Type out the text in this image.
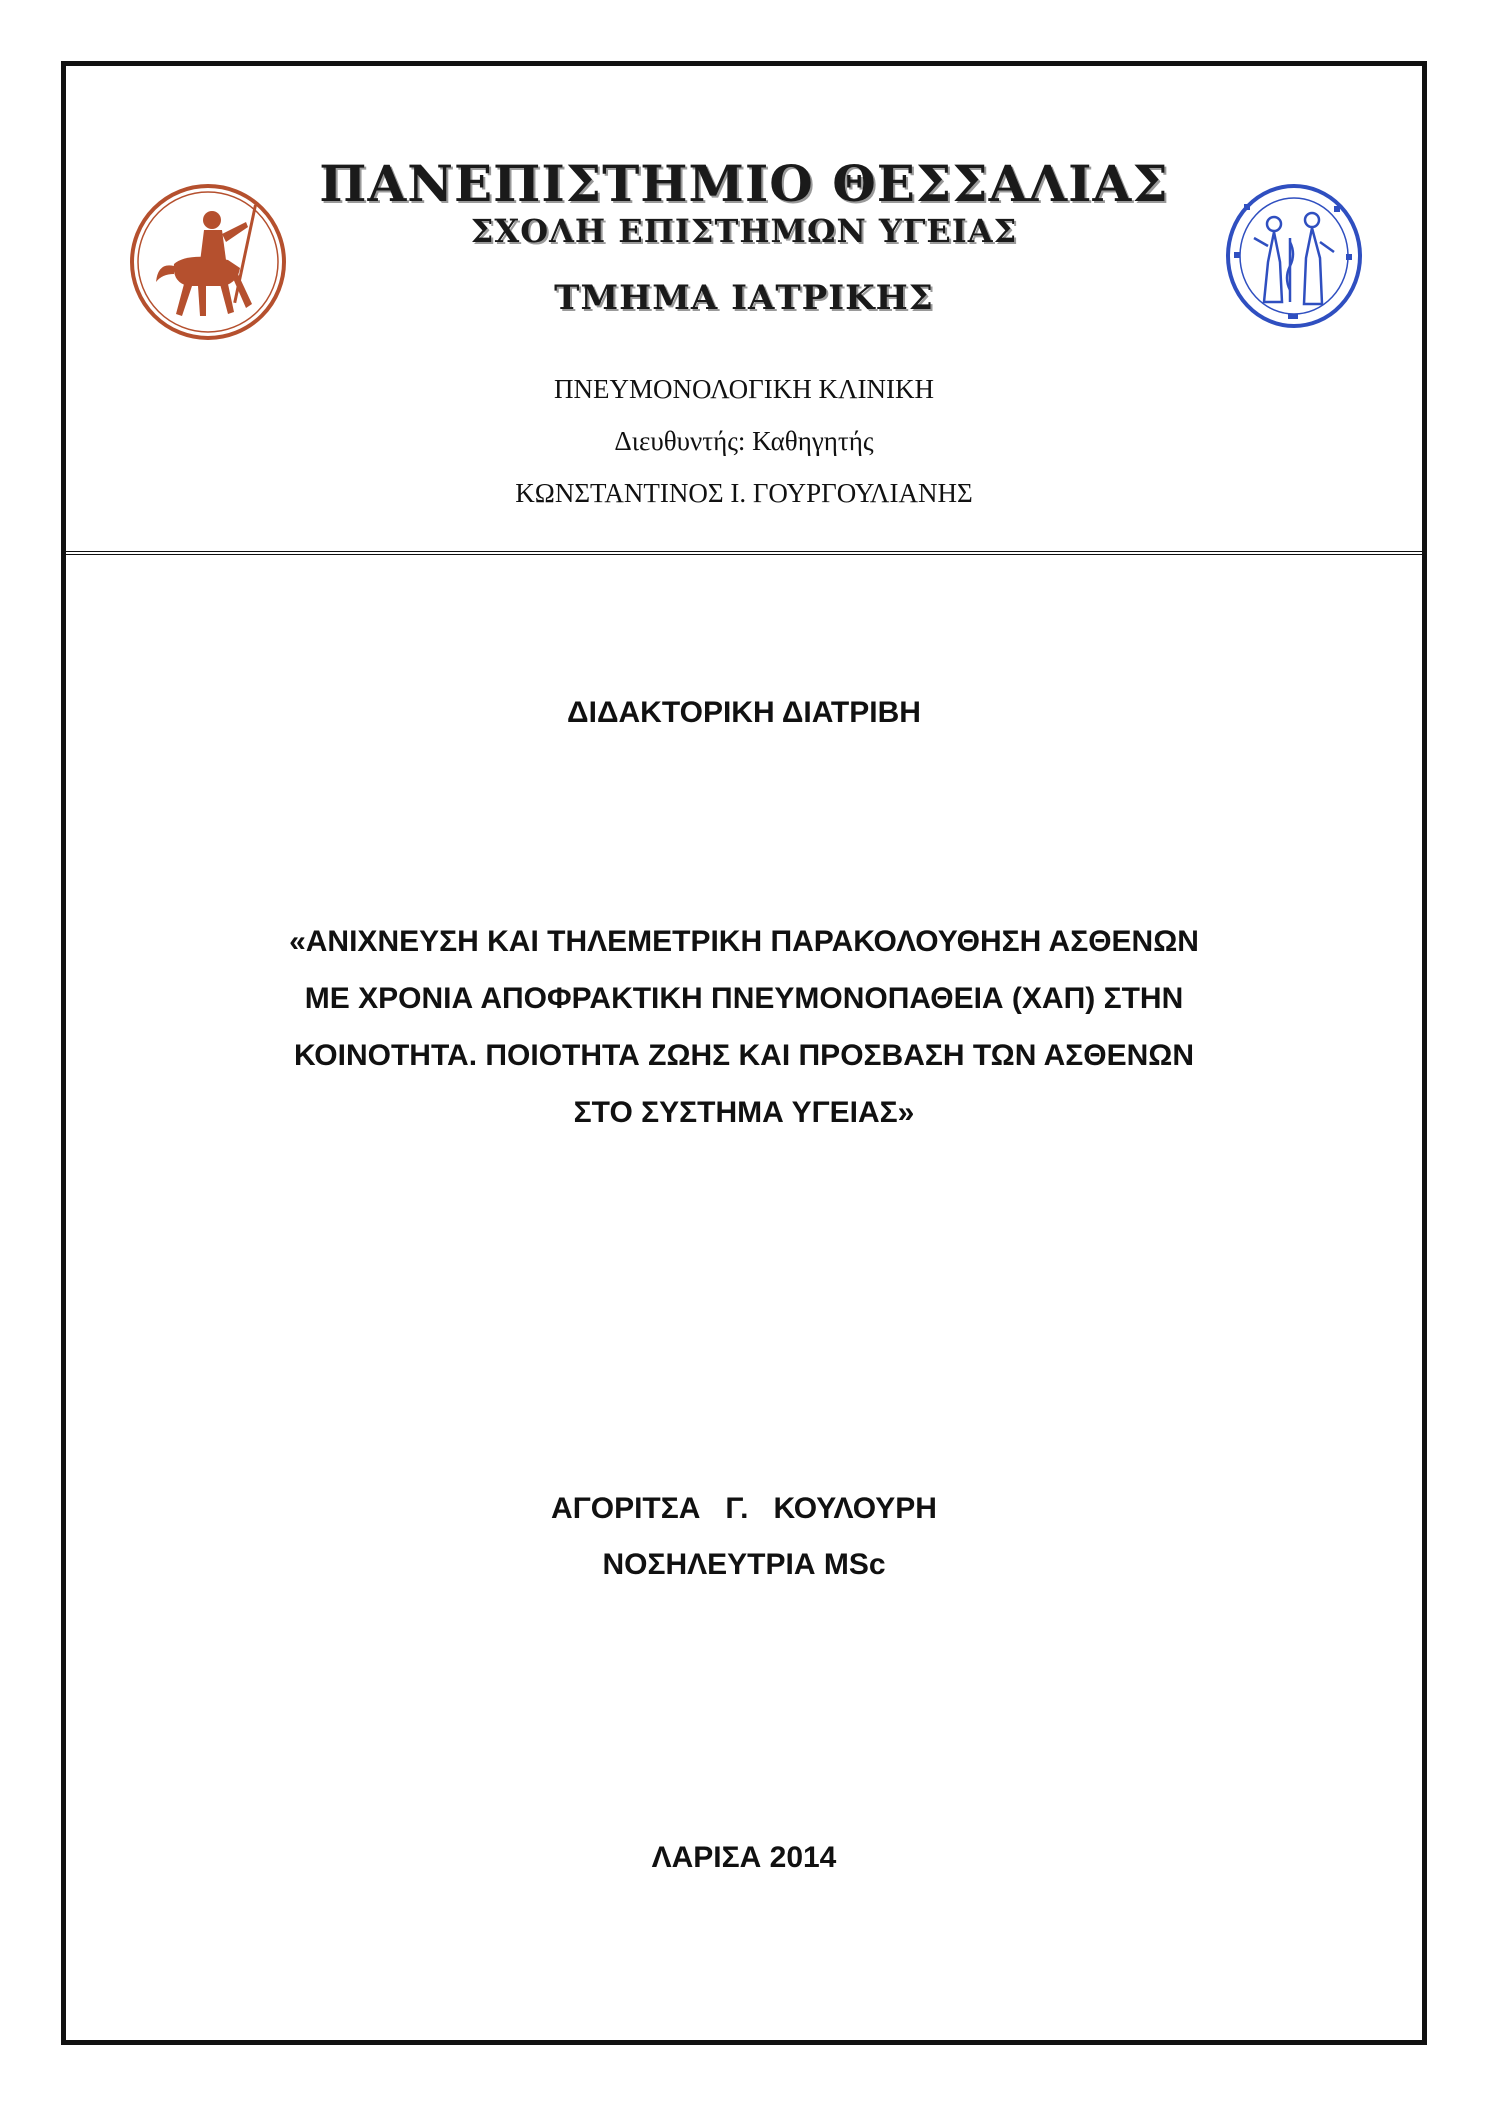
ΠΑΝΕΠΙΣΤΗΜΙΟ ΘΕΣΣΑΛΙΑΣ
ΣΧΟΛΗ ΕΠΙΣΤΗΜΩΝ ΥΓΕΙΑΣ
ΤΜΗΜΑ ΙΑΤΡΙΚΗΣ
ΠΝΕΥΜΟΝΟΛΟΓΙΚΗ ΚΛΙΝΙΚΗ
Διευθυντής: Καθηγητής
ΚΩΝΣΤΑΝΤΙΝΟΣ Ι. ΓΟΥΡΓΟΥΛΙΑΝΗΣ
ΔΙΔΑΚΤΟΡΙΚΗ ΔΙΑΤΡΙΒΗ
«ΑΝΙΧΝΕΥΣΗ ΚΑΙ ΤΗΛΕΜΕΤΡΙΚΗ ΠΑΡΑΚΟΛΟΥΘΗΣΗ ΑΣΘΕΝΩΝ
ΜΕ ΧΡΟΝΙΑ ΑΠΟΦΡΑΚΤΙΚΗ ΠΝΕΥΜΟΝΟΠΑΘΕΙΑ (ΧΑΠ) ΣΤΗΝ
ΚΟΙΝΟΤΗΤΑ. ΠΟΙΟΤΗΤΑ ΖΩΗΣ ΚΑΙ ΠΡΟΣΒΑΣΗ ΤΩΝ ΑΣΘΕΝΩΝ
ΣΤΟ ΣΥΣΤΗΜΑ ΥΓΕΙΑΣ»
ΑΓΟΡΙΤΣΑ   Γ.   ΚΟΥΛΟΥΡΗ
ΝΟΣΗΛΕΥΤΡΙΑ MSc
ΛΑΡΙΣΑ 2014
